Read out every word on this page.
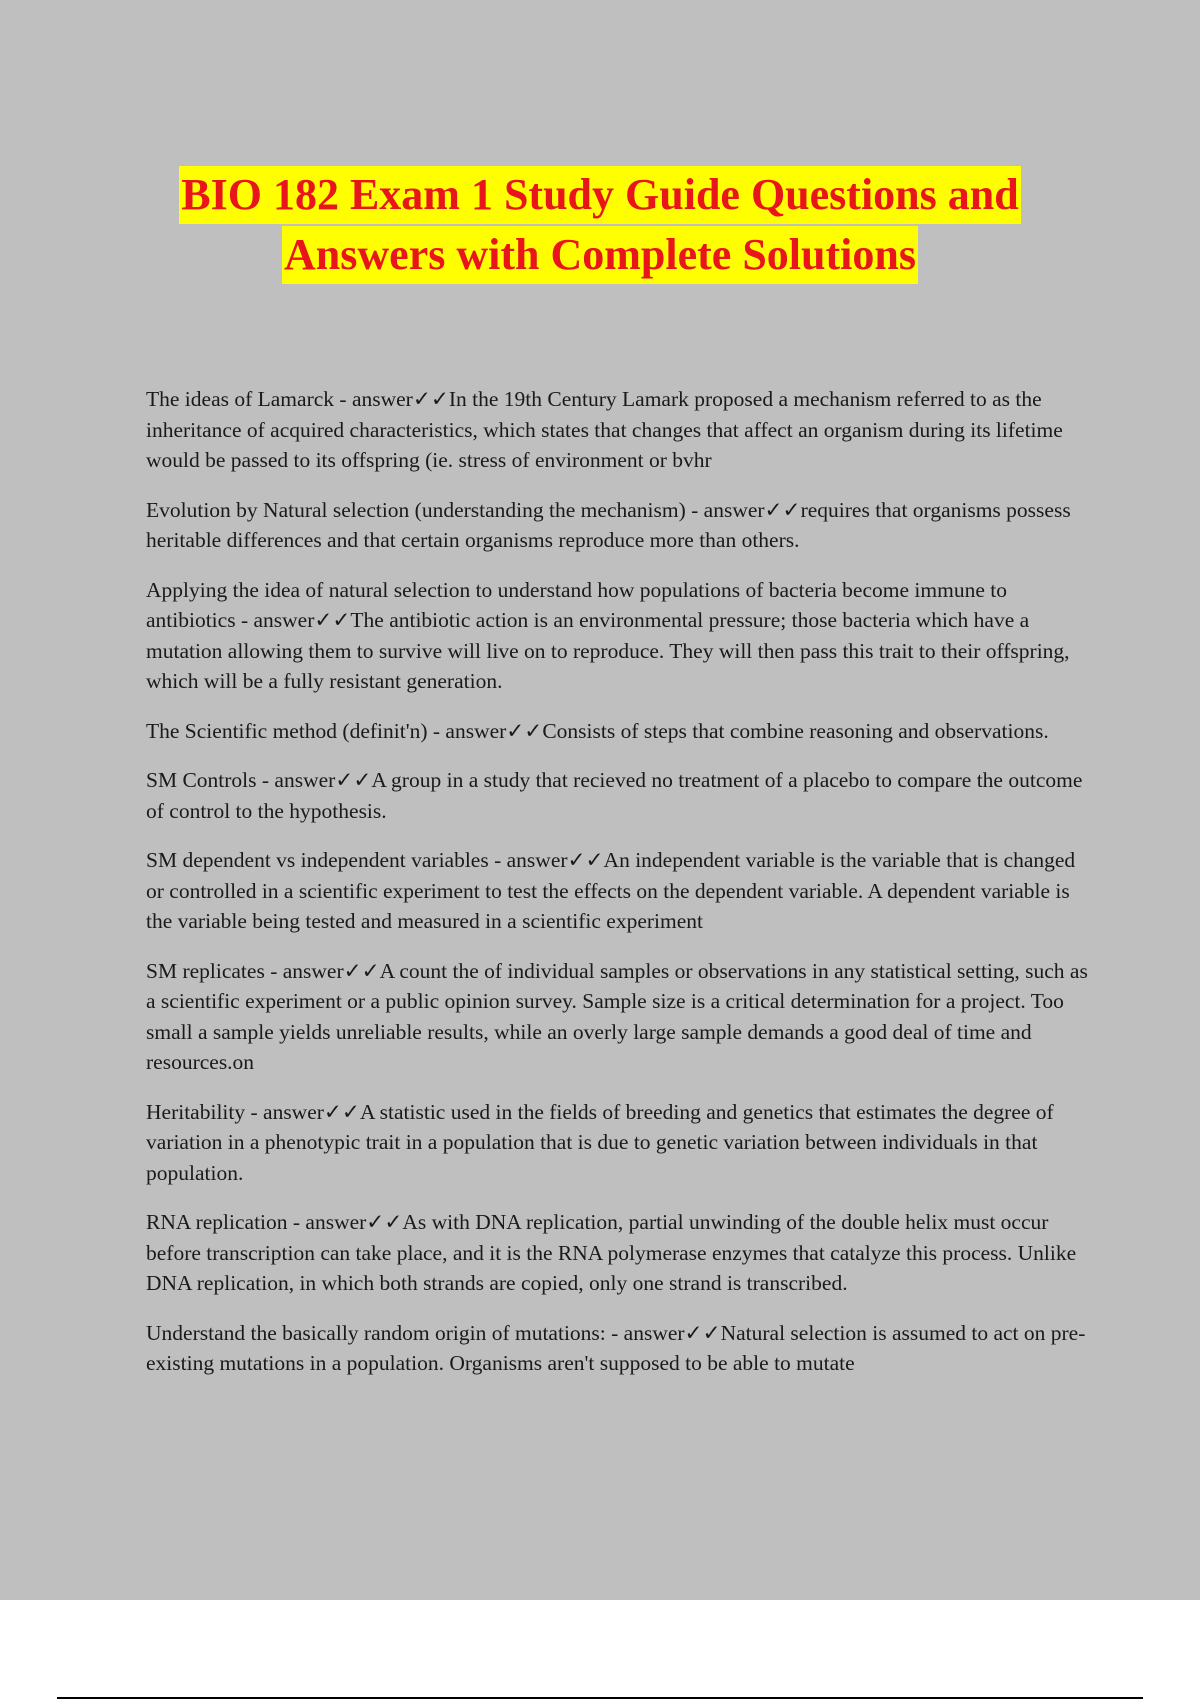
BIO 182 Exam 1 Study Guide Questions and
Answers with Complete Solutions

The ideas of Lamarck - answer✓✓In the 19th Century Lamark proposed a mechanism referred to as the inheritance of acquired characteristics, which states that changes that affect an organism during its lifetime would be passed to its offspring (ie. stress of environment or bvhr

Evolution by Natural selection (understanding the mechanism) - answer✓✓requires that organisms possess heritable differences and that certain organisms reproduce more than others.

Applying the idea of natural selection to understand how populations of bacteria become immune to antibiotics - answer✓✓The antibiotic action is an environmental pressure; those bacteria which have a mutation allowing them to survive will live on to reproduce. They will then pass this trait to their offspring, which will be a fully resistant generation.

The Scientific method (definit'n) - answer✓✓Consists of steps that combine reasoning and observations.

SM Controls - answer✓✓A group in a study that recieved no treatment of a placebo to compare the outcome of control to the hypothesis.

SM dependent vs independent variables - answer✓✓An independent variable is the variable that is changed or controlled in a scientific experiment to test the effects on the dependent variable. A dependent variable is the variable being tested and measured in a scientific experiment

SM replicates - answer✓✓A count the of individual samples or observations in any statistical setting, such as a scientific experiment or a public opinion survey. Sample size is a critical determination for a project. Too small a sample yields unreliable results, while an overly large sample demands a good deal of time and resources.on

Heritability - answer✓✓A statistic used in the fields of breeding and genetics that estimates the degree of variation in a phenotypic trait in a population that is due to genetic variation between individuals in that population.

RNA replication - answer✓✓As with DNA replication, partial unwinding of the double helix must occur before transcription can take place, and it is the RNA polymerase enzymes that catalyze this process. Unlike DNA replication, in which both strands are copied, only one strand is transcribed.

Understand the basically random origin of mutations: - answer✓✓Natural selection is assumed to act on pre-existing mutations in a population. Organisms aren't supposed to be able to mutate
